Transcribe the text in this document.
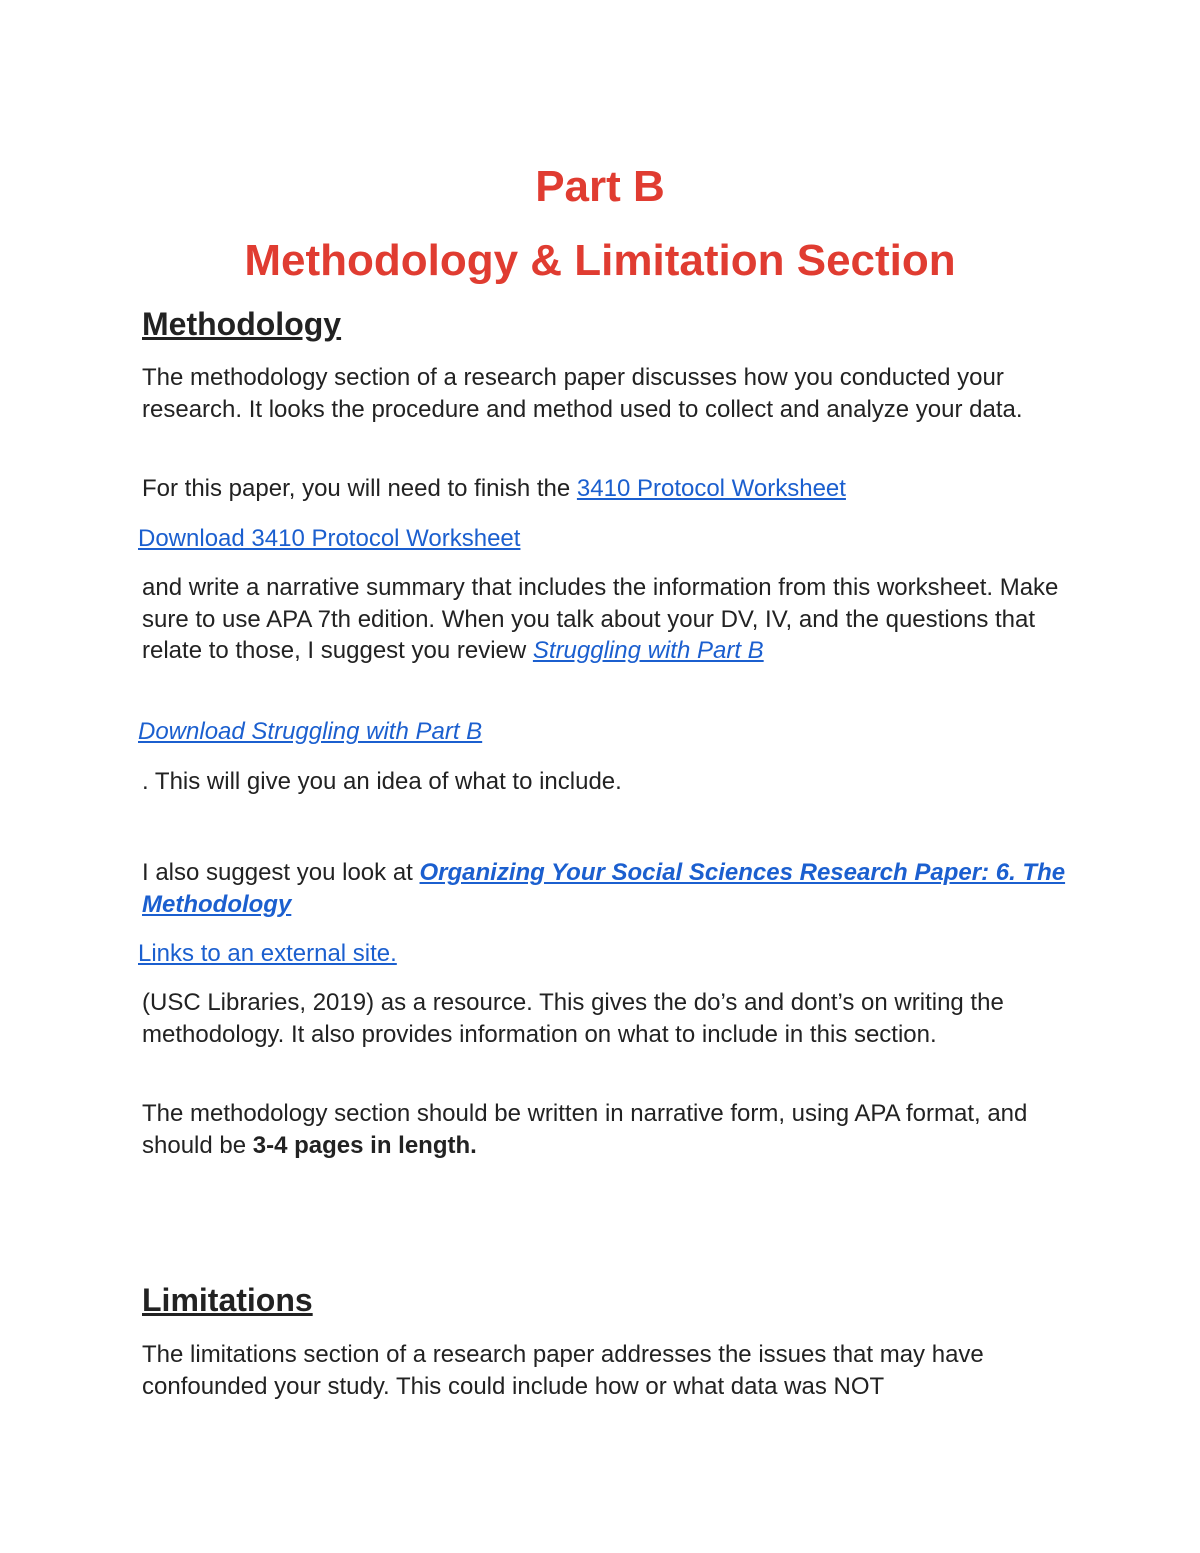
Part B
Methodology & Limitation Section
Methodology

The methodology section of a research paper discusses how you conducted your research. It looks the procedure and method used to collect and analyze your data.

For this paper, you will need to finish the 3410 Protocol Worksheet

Download 3410 Protocol Worksheet

and write a narrative summary that includes the information from this worksheet. Make sure to use APA 7th edition. When you talk about your DV, IV, and the questions that relate to those, I suggest you review Struggling with Part B

Download Struggling with Part B

. This will give you an idea of what to include.

I also suggest you look at Organizing Your Social Sciences Research Paper: 6. The Methodology

Links to an external site.

(USC Libraries, 2019) as a resource. This gives the do’s and dont’s on writing the methodology. It also provides information on what to include in this section.

The methodology section should be written in narrative form, using APA format, and should be 3-4 pages in length.

Limitations

The limitations section of a research paper addresses the issues that may have confounded your study. This could include how or what data was NOT
